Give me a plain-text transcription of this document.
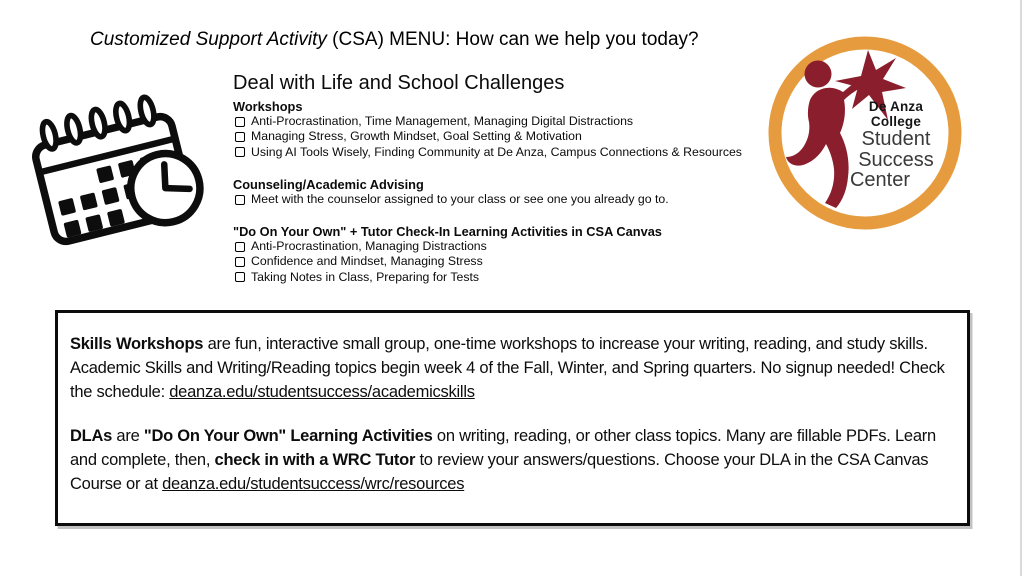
Customized Support Activity (CSA) MENU: How can we help you today?
Deal with Life and School Challenges
Workshops
Anti-Procrastination, Time Management, Managing Digital Distractions
Managing Stress, Growth Mindset, Goal Setting & Motivation
Using AI Tools Wisely, Finding Community at De Anza, Campus Connections & Resources
Counseling/Academic Advising
Meet with the counselor assigned to your class or see one you already go to.
"Do On Your Own" + Tutor Check-In Learning Activities in CSA Canvas
Anti-Procrastination, Managing Distractions
Confidence and Mindset, Managing Stress
Taking Notes in Class, Preparing for Tests
De Anza
College
Student
Success
Center

Skills Workshops are fun, interactive small group, one-time workshops to increase your writing, reading, and study skills. Academic Skills and Writing/Reading topics begin week 4 of the Fall, Winter, and Spring quarters. No signup needed! Check the schedule: deanza.edu/studentsuccess/academicskills

DLAs are "Do On Your Own" Learning Activities on writing, reading, or other class topics. Many are fillable PDFs. Learn and complete, then, check in with a WRC Tutor to review your answers/questions. Choose your DLA in the CSA Canvas Course or at deanza.edu/studentsuccess/wrc/resources
